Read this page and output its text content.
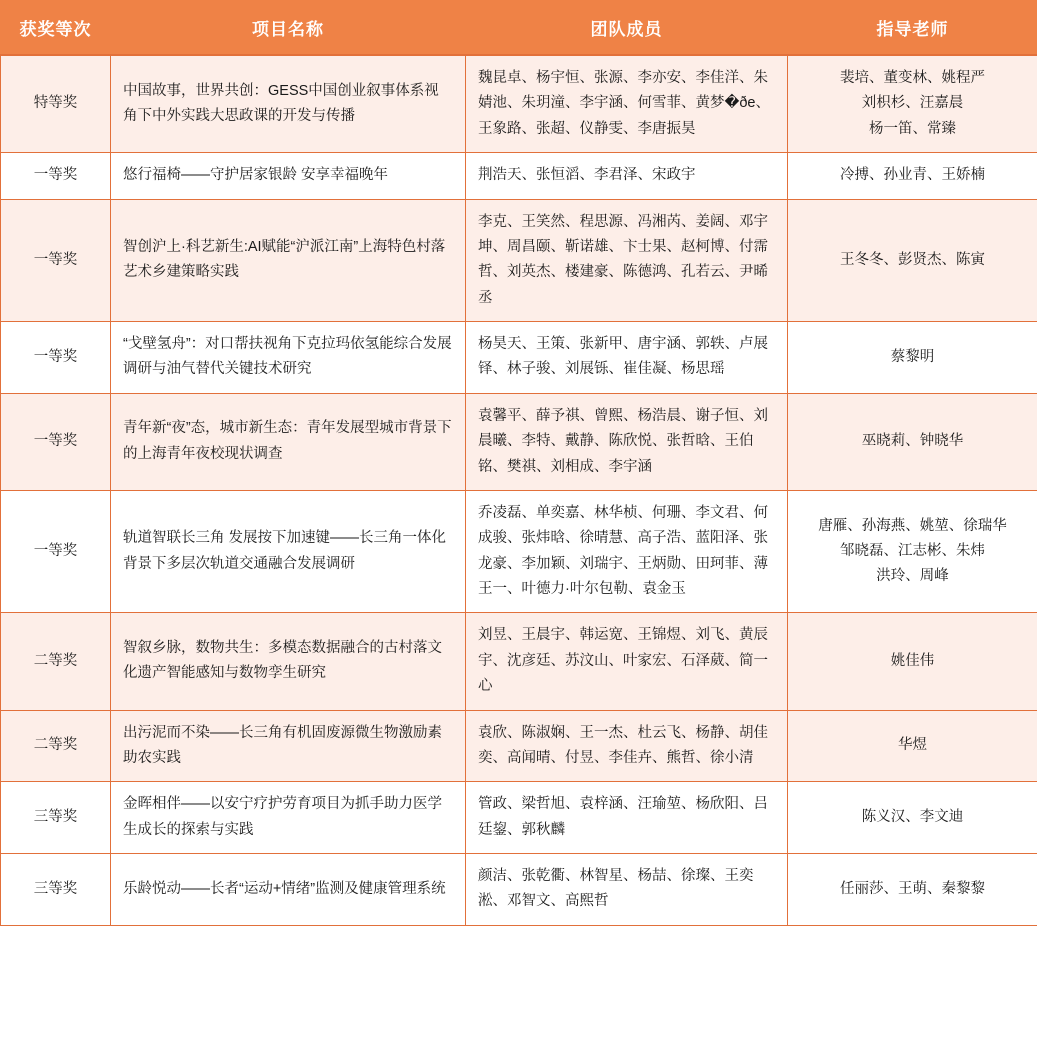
获奖等次	项目名称	团队成员	指导老师
特等奖	中国故事，世界共创：GESS中国创业叙事体系视角下中外实践大思政课的开发与传播	魏昆卓、杨宇恒、张源、李亦安、李佳洋、朱婧池、朱玥潼、李宇涵、何雪菲、黄梦�ðe、王象路、张超、仪静雯、李唐振昊	裴培、董变林、姚程严
刘枳杉、汪嘉晨
杨一笛、常臻
一等奖	悠行福椅——守护居家银龄 安享幸福晚年	荆浩天、张恒滔、李君泽、宋政宇	冷搏、孙业青、王娇楠
一等奖	智创沪上·科艺新生:AI赋能“沪派江南”上海特色村落艺术乡建策略实践	李克、王笑然、程思源、冯湘芮、姜阔、邓宇坤、周昌颐、靳诺雄、卞士果、赵柯博、付霈哲、刘英杰、楼建豪、陈德鸿、孔若云、尹晞丞	王冬冬、彭贤杰、陈寅
一等奖	“戈壁氢舟”：对口帮扶视角下克拉玛依氢能综合发展调研与油气替代关键技术研究	杨昊天、王策、张新甲、唐宇涵、郭轶、卢展铎、林子骏、刘展铄、崔佳凝、杨思瑶	蔡黎明
一等奖	青年新“夜”态，城市新生态：青年发展型城市背景下的上海青年夜校现状调查	袁馨平、薛予祺、曾熙、杨浩晨、谢子恒、刘晨曦、李特、戴静、陈欣悦、张哲晗、王伯铭、樊祺、刘相成、李宇涵	巫晓莉、钟晓华
一等奖	轨道智联长三角 发展按下加速键——长三角一体化背景下多层次轨道交通融合发展调研	乔凌磊、单奕嘉、林华桢、何珊、李文君、何成骏、张炜晗、徐晴慧、高子浩、蓝阳泽、张龙豪、李加颖、刘瑞宇、王炳勋、田珂菲、薄王一、叶德力·叶尔包勒、袁金玉	唐雁、孙海燕、姚堃、徐瑞华
邹晓磊、江志彬、朱炜
洪玲、周峰
二等奖	智叙乡脉，数物共生：多模态数据融合的古村落文化遗产智能感知与数物孪生研究	刘昱、王晨宇、韩运宽、王锦煜、刘飞、黄辰宇、沈彦廷、苏汶山、叶家宏、石泽葳、简一心	姚佳伟
二等奖	出污泥而不染——长三角有机固废源微生物激励素助农实践	袁欣、陈淑娴、王一杰、杜云飞、杨静、胡佳奕、高闻晴、付昱、李佳卉、熊哲、徐小清	华煜
三等奖	金晖相伴——以安宁疗护劳育项目为抓手助力医学生成长的探索与实践	管政、梁哲旭、袁梓涵、汪瑜堃、杨欣阳、吕廷鋆、郭秋麟	陈义汉、李文迪
三等奖	乐龄悦动——长者“运动+情绪”监测及健康管理系统	颜洁、张乾衢、林智星、杨喆、徐璨、王奕淞、邓智文、高熙哲	任丽莎、王萌、秦黎黎
